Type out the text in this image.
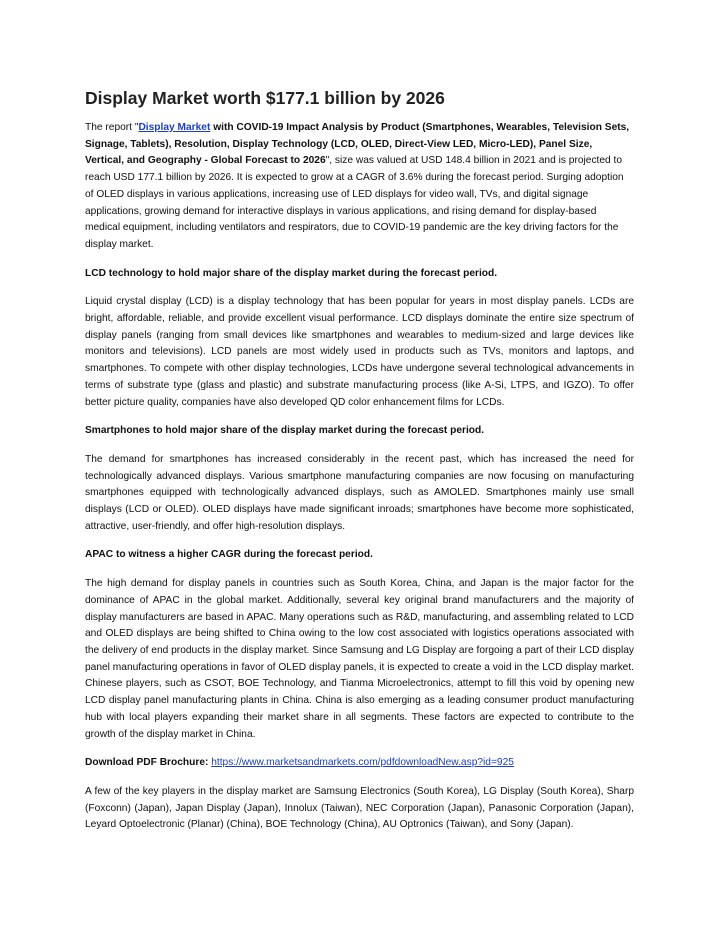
Display Market worth $177.1 billion by 2026

The report "Display Market with COVID-19 Impact Analysis by Product (Smartphones, Wearables, Television Sets, Signage, Tablets), Resolution, Display Technology (LCD, OLED, Direct-View LED, Micro-LED), Panel Size, Vertical, and Geography - Global Forecast to 2026", size was valued at USD 148.4 billion in 2021 and is projected to reach USD 177.1 billion by 2026. It is expected to grow at a CAGR of 3.6% during the forecast period. Surging adoption of OLED displays in various applications, increasing use of LED displays for video wall, TVs, and digital signage applications, growing demand for interactive displays in various applications, and rising demand for display-based medical equipment, including ventilators and respirators, due to COVID-19 pandemic are the key driving factors for the display market.

LCD technology to hold major share of the display market during the forecast period.

Liquid crystal display (LCD) is a display technology that has been popular for years in most display panels. LCDs are bright, affordable, reliable, and provide excellent visual performance. LCD displays dominate the entire size spectrum of display panels (ranging from small devices like smartphones and wearables to medium-sized and large devices like monitors and televisions). LCD panels are most widely used in products such as TVs, monitors and laptops, and smartphones. To compete with other display technologies, LCDs have undergone several technological advancements in terms of substrate type (glass and plastic) and substrate manufacturing process (like A-Si, LTPS, and IGZO). To offer better picture quality, companies have also developed QD color enhancement films for LCDs.

Smartphones to hold major share of the display market during the forecast period.

The demand for smartphones has increased considerably in the recent past, which has increased the need for technologically advanced displays. Various smartphone manufacturing companies are now focusing on manufacturing smartphones equipped with technologically advanced displays, such as AMOLED. Smartphones mainly use small displays (LCD or OLED). OLED displays have made significant inroads; smartphones have become more sophisticated, attractive, user-friendly, and offer high-resolution displays.

APAC to witness a higher CAGR during the forecast period.

The high demand for display panels in countries such as South Korea, China, and Japan is the major factor for the dominance of APAC in the global market. Additionally, several key original brand manufacturers and the majority of display manufacturers are based in APAC. Many operations such as R&D, manufacturing, and assembling related to LCD and OLED displays are being shifted to China owing to the low cost associated with logistics operations associated with the delivery of end products in the display market. Since Samsung and LG Display are forgoing a part of their LCD display panel manufacturing operations in favor of OLED display panels, it is expected to create a void in the LCD display market. Chinese players, such as CSOT, BOE Technology, and Tianma Microelectronics, attempt to fill this void by opening new LCD display panel manufacturing plants in China. China is also emerging as a leading consumer product manufacturing hub with local players expanding their market share in all segments. These factors are expected to contribute to the growth of the display market in China.

Download PDF Brochure: https://www.marketsandmarkets.com/pdfdownloadNew.asp?id=925

A few of the key players in the display market are Samsung Electronics (South Korea), LG Display (South Korea), Sharp (Foxconn) (Japan), Japan Display (Japan), Innolux (Taiwan), NEC Corporation (Japan), Panasonic Corporation (Japan), Leyard Optoelectronic (Planar) (China), BOE Technology (China), AU Optronics (Taiwan), and Sony (Japan).
